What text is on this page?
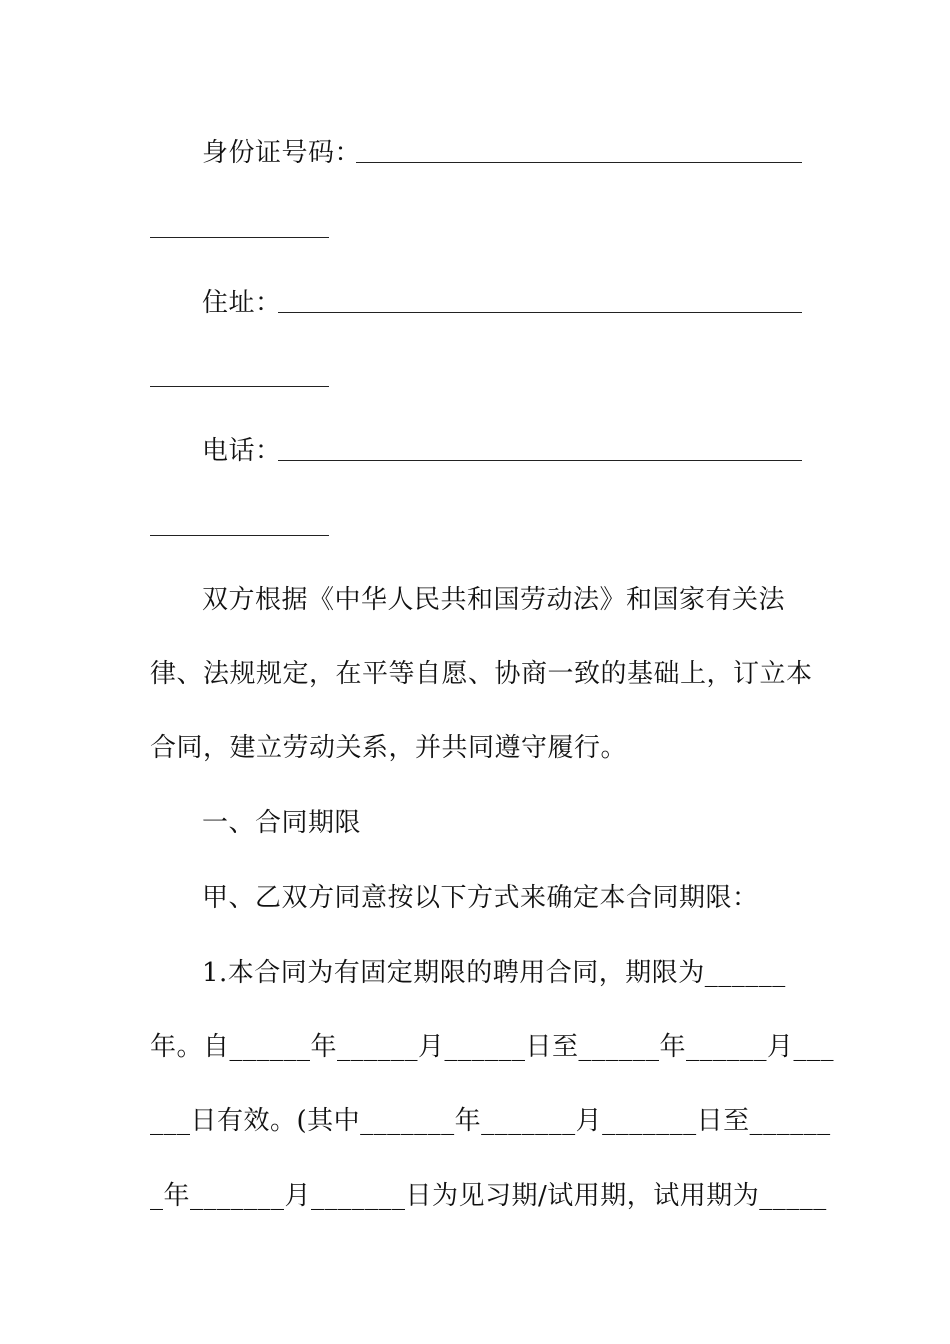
身份证号码：
住址：
电话：
双方根据《中华人民共和国劳动法》和国家有关法
律、法规规定，在平等自愿、协商一致的基础上，订立本
合同，建立劳动关系，并共同遵守履行。
一、合同期限
甲、乙双方同意按以下方式来确定本合同期限：
1.本合同为有固定期限的聘用合同，期限为______
年。自______年______月______日至______年______月___
___日有效。(其中_______年_______月_______日至______
_年_______月_______日为见习期/试用期，试用期为_____
